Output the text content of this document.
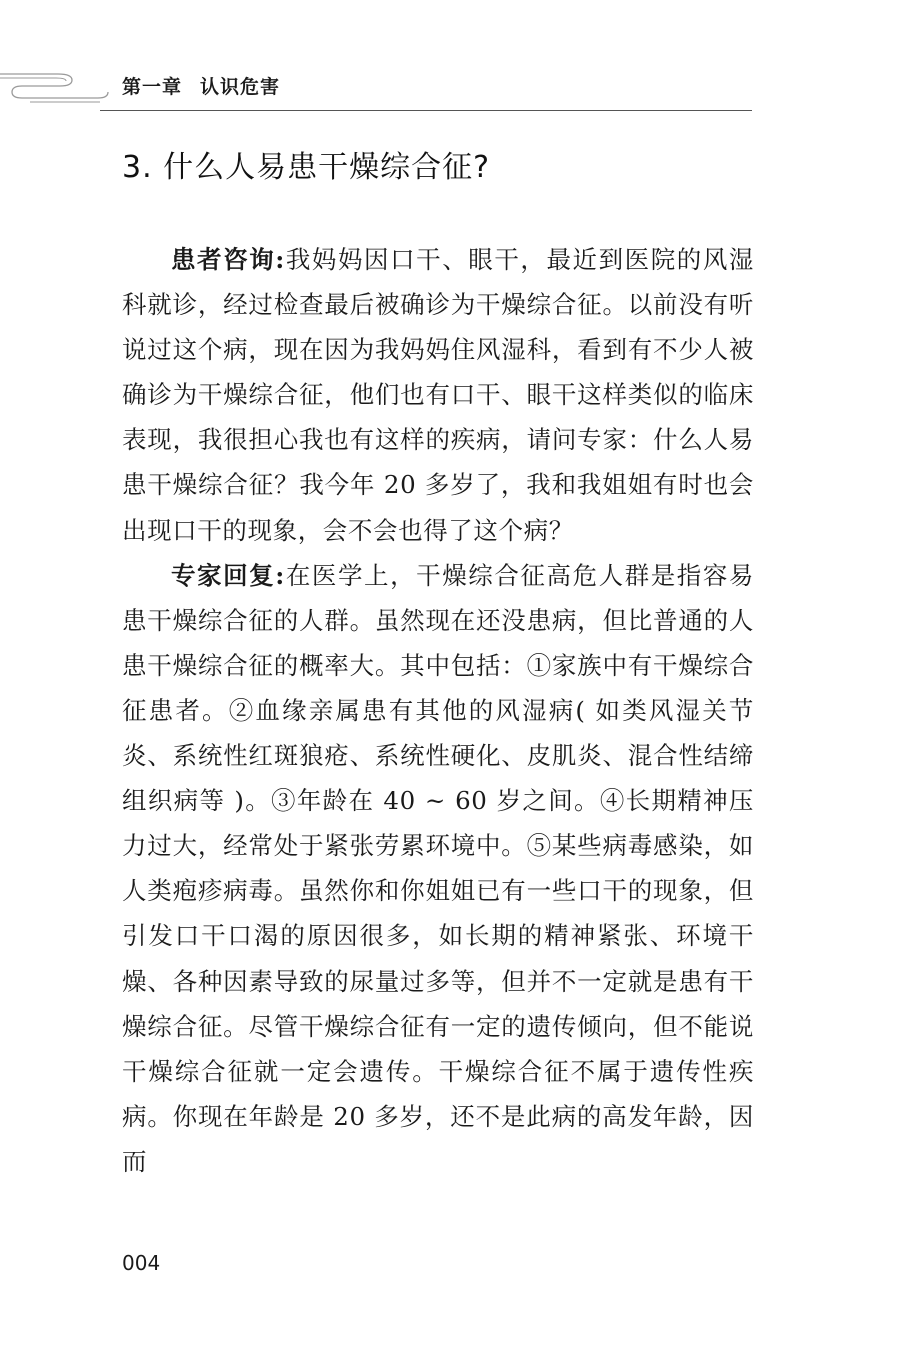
第一章 认识危害
3. 什么人易患干燥综合征?

患者咨询:我妈妈因口干、眼干，最近到医院的风湿科就诊，经过检查最后被确诊为干燥综合征。以前没有听说过这个病，现在因为我妈妈住风湿科，看到有不少人被确诊为干燥综合征，他们也有口干、眼干这样类似的临床表现，我很担心我也有这样的疾病，请问专家：什么人易患干燥综合征？我今年 20 多岁了，我和我姐姐有时也会出现口干的现象，会不会也得了这个病？

专家回复:在医学上，干燥综合征高危人群是指容易患干燥综合征的人群。虽然现在还没患病，但比普通的人患干燥综合征的概率大。其中包括：①家族中有干燥综合征患者。②血缘亲属患有其他的风湿病( 如类风湿关节炎、系统性红斑狼疮、系统性硬化、皮肌炎、混合性结缔组织病等 )。③年龄在 40 ~ 60 岁之间。④长期精神压力过大，经常处于紧张劳累环境中。⑤某些病毒感染，如人类疱疹病毒。虽然你和你姐姐已有一些口干的现象，但引发口干口渴的原因很多，如长期的精神紧张、环境干燥、各种因素导致的尿量过多等，但并不一定就是患有干燥综合征。尽管干燥综合征有一定的遗传倾向，但不能说干燥综合征就一定会遗传。干燥综合征不属于遗传性疾病。你现在年龄是 20 多岁，还不是此病的高发年龄，因而

004
